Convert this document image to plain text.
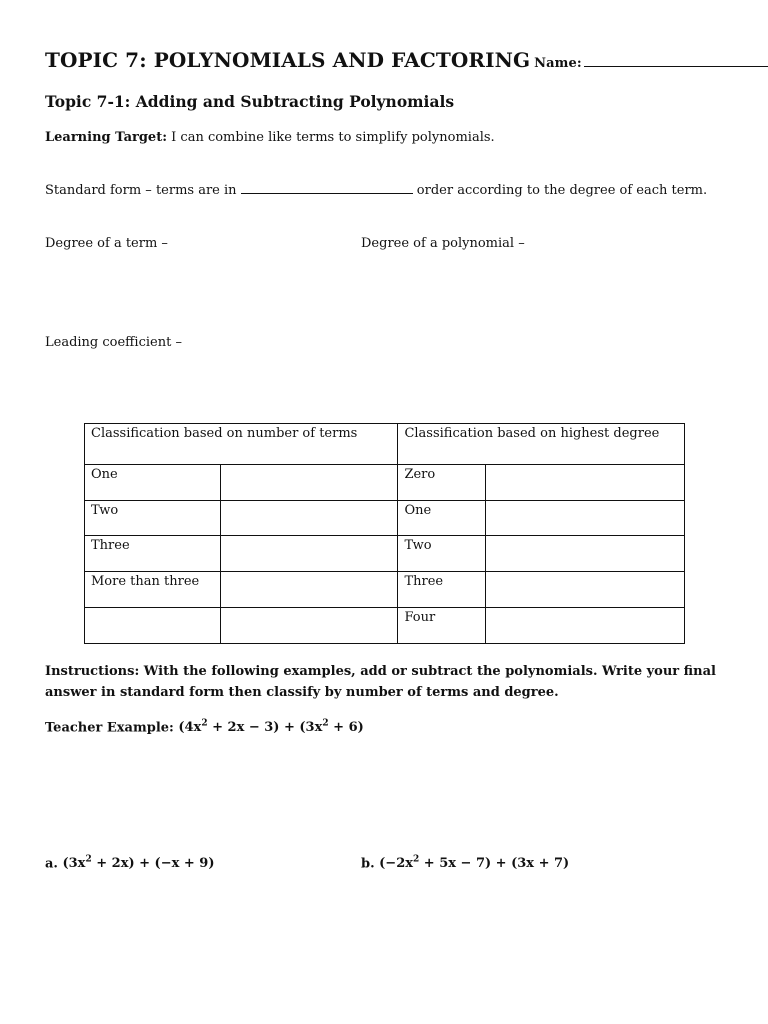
TOPIC 7: POLYNOMIALS AND FACTORING Name:
Topic 7-1: Adding and Subtracting Polynomials
Learning Target: I can combine like terms to simplify polynomials.
Standard form – terms are in	order according to the degree of each term.
Degree of a term –	Degree of a polynomial –
Leading coefficient –
Classification based on number of terms		Classification based on highest degree	
One		Zero	
Two		One	
Three		Two	
More than three		Three	
		Four	
Instructions: With the following examples, add or subtract the polynomials. Write your final
answer in standard form then classify by number of terms and degree.
Teacher Example: $(4x^2 + 2x - 3) + (3x^2 + 6)$
a. $(3x^2 + 2x) + (-x + 9)$	b. $(-2x^2 + 5x - 7) + (3x + 7)$
